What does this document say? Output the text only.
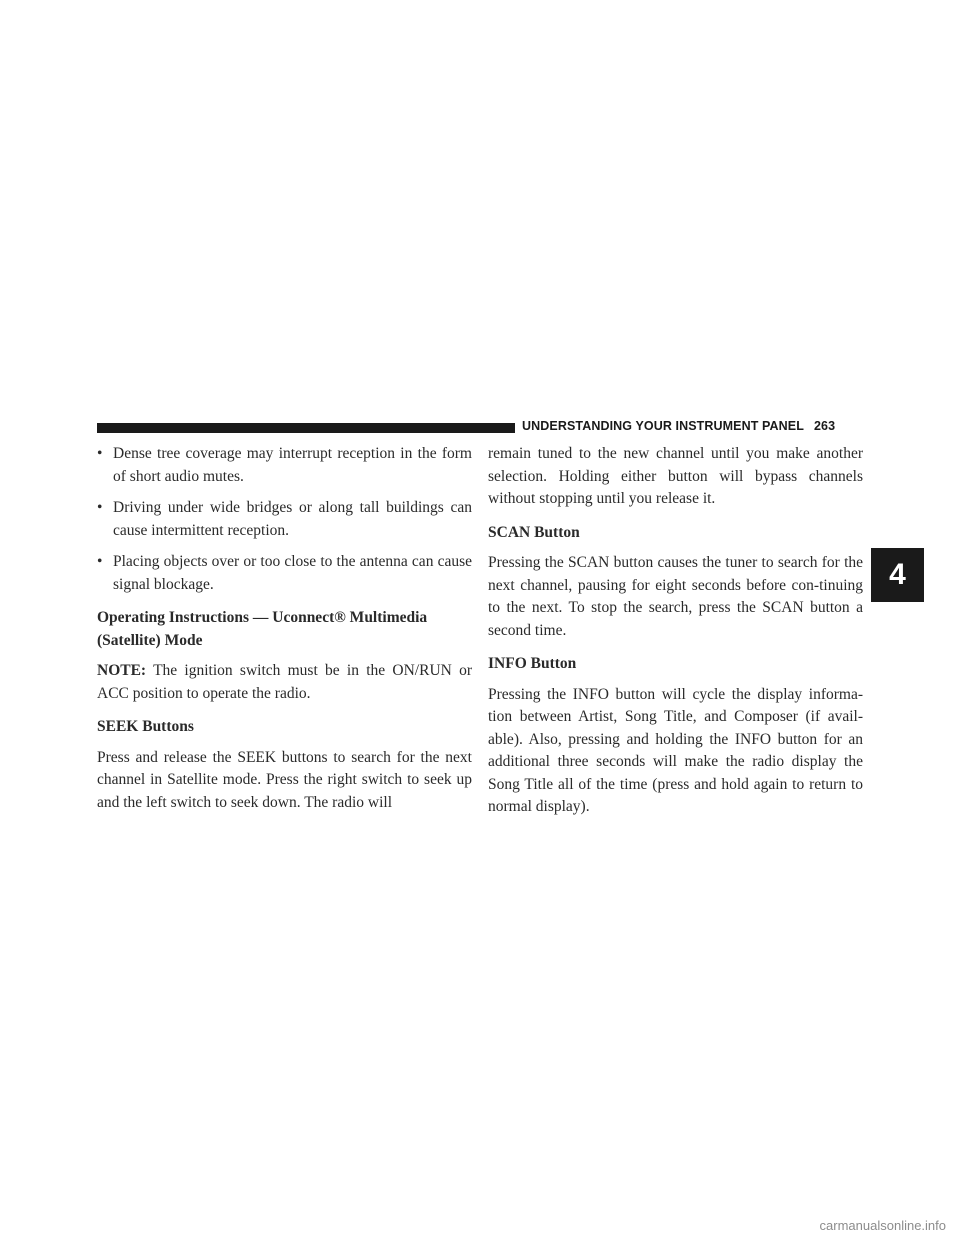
UNDERSTANDING YOUR INSTRUMENT PANEL 263
4
• Dense tree coverage may interrupt reception in the form of short audio mutes.
• Driving under wide bridges or along tall buildings can cause intermittent reception.
• Placing objects over or too close to the antenna can cause signal blockage.
Operating Instructions — Uconnect® Multimedia
(Satellite) Mode

NOTE: The ignition switch must be in the ON/RUN or ACC position to operate the radio.

SEEK Buttons

Press and release the SEEK buttons to search for the next channel in Satellite mode. Press the right switch to seek up and the left switch to seek down. The radio will

remain tuned to the new channel until you make another selection. Holding either button will bypass channels without stopping until you release it.

SCAN Button

Pressing the SCAN button causes the tuner to search for the next channel, pausing for eight seconds before con-tinuing to the next. To stop the search, press the SCAN button a second time.

INFO Button

Pressing the INFO button will cycle the display informa-tion between Artist, Song Title, and Composer (if avail-able). Also, pressing and holding the INFO button for an additional three seconds will make the radio display the Song Title all of the time (press and hold again to return to normal display).

carmanualsonline.info
